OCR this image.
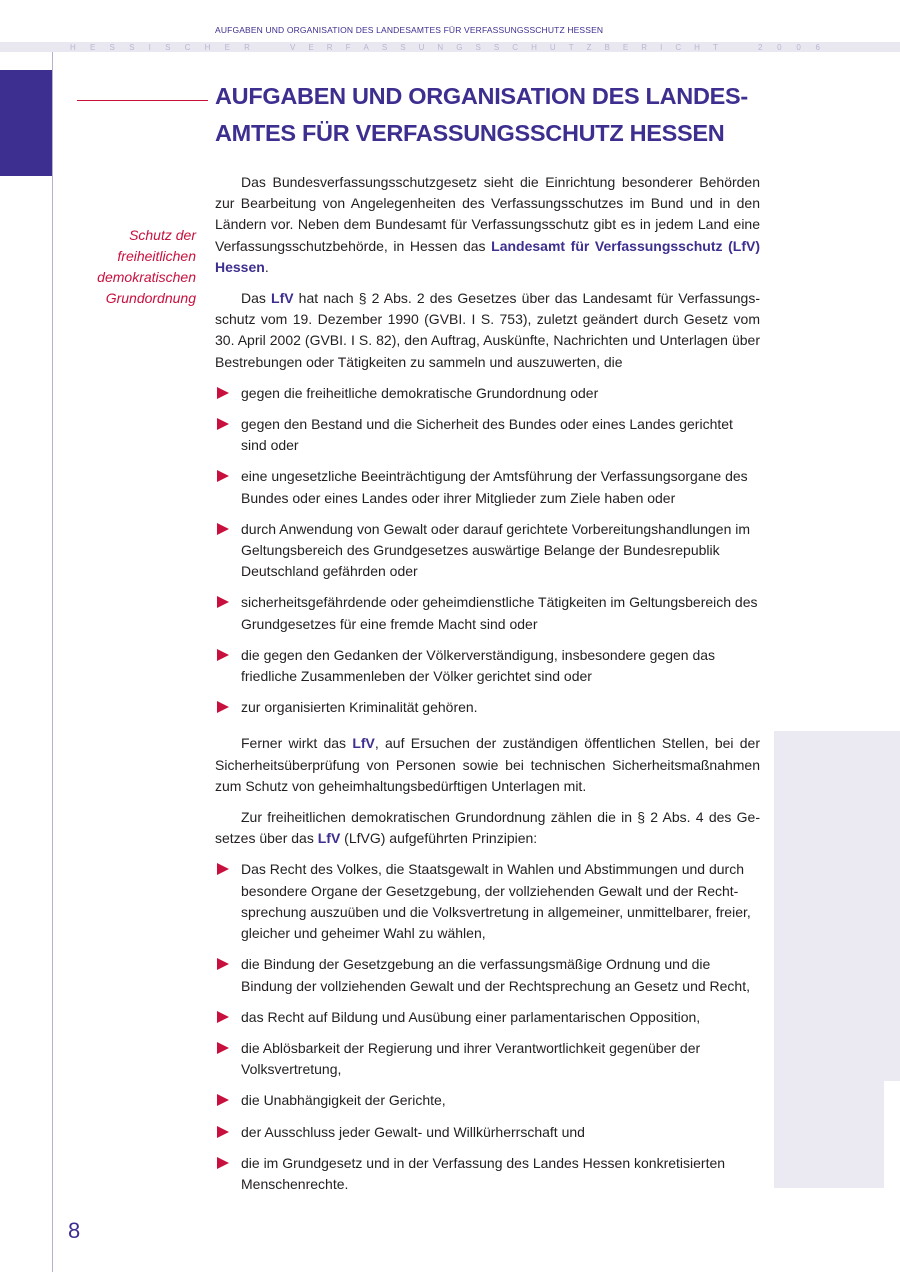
AUFGABEN UND ORGANISATION DES LANDESAMTES FÜR VERFASSUNGSSCHUTZ HESSEN
H E S S I S C H E R	V E R F A S S U N G S S C H U T Z B E R I C H T	2 0 0 6
AUFGABEN UND ORGANISATION DES LANDES-
AMTES FÜR VERFASSUNGSSCHUTZ HESSEN
Schutz der
freiheitlichen
demokratischen
Grundordnung

Das Bundesverfassungsschutzgesetz sieht die Einrichtung besonderer Behörden zur Bearbeitung von Angelegenheiten des Verfassungsschutzes im Bund und in den Ländern vor. Neben dem Bundesamt für Verfassungsschutz gibt es in jedem Land eine Verfassungsschutzbehörde, in Hessen das Landesamt für Verfassungsschutz (LfV) Hessen.

Das LfV hat nach § 2 Abs. 2 des Gesetzes über das Landesamt für Verfassungs-schutz vom 19. Dezember 1990 (GVBI. I S. 753), zuletzt geändert durch Gesetz vom 30. April 2002 (GVBI. I S. 82), den Auftrag, Auskünfte, Nachrichten und Unterlagen über Bestrebungen oder Tätigkeiten zu sammeln und auszuwerten, die

gegen die freiheitliche demokratische Grundordnung oder
gegen den Bestand und die Sicherheit des Bundes oder eines Landes gerichtet sind oder
eine ungesetzliche Beeinträchtigung der Amtsführung der Verfassungsorgane des Bundes oder eines Landes oder ihrer Mitglieder zum Ziele haben oder
durch Anwendung von Gewalt oder darauf gerichtete Vorbereitungshandlungen im Geltungsbereich des Grundgesetzes auswärtige Belange der Bundesrepublik Deutschland gefährden oder
sicherheitsgefährdende oder geheimdienstliche Tätigkeiten im Geltungsbereich des Grundgesetzes für eine fremde Macht sind oder
die gegen den Gedanken der Völkerverständigung, insbesondere gegen das friedliche Zusammenleben der Völker gerichtet sind oder
zur organisierten Kriminalität gehören.

Ferner wirkt das LfV, auf Ersuchen der zuständigen öffentlichen Stellen, bei der Sicherheitsüberprüfung von Personen sowie bei technischen Sicherheitsmaßnahmen zum Schutz von geheimhaltungsbedürftigen Unterlagen mit.

Zur freiheitlichen demokratischen Grundordnung zählen die in § 2 Abs. 4 des Ge-setzes über das LfV (LfVG) aufgeführten Prinzipien:

Das Recht des Volkes, die Staatsgewalt in Wahlen und Abstimmungen und durch besondere Organe der Gesetzgebung, der vollziehenden Gewalt und der Recht-sprechung auszuüben und die Volksvertretung in allgemeiner, unmittelbarer, freier, gleicher und geheimer Wahl zu wählen,
die Bindung der Gesetzgebung an die verfassungsmäßige Ordnung und die Bindung der vollziehenden Gewalt und der Rechtsprechung an Gesetz und Recht,
das Recht auf Bildung und Ausübung einer parlamentarischen Opposition,
die Ablösbarkeit der Regierung und ihrer Verantwortlichkeit gegenüber der Volksvertretung,
die Unabhängigkeit der Gerichte,
der Ausschluss jeder Gewalt- und Willkürherrschaft und
die im Grundgesetz und in der Verfassung des Landes Hessen konkretisierten Menschenrechte.
8
